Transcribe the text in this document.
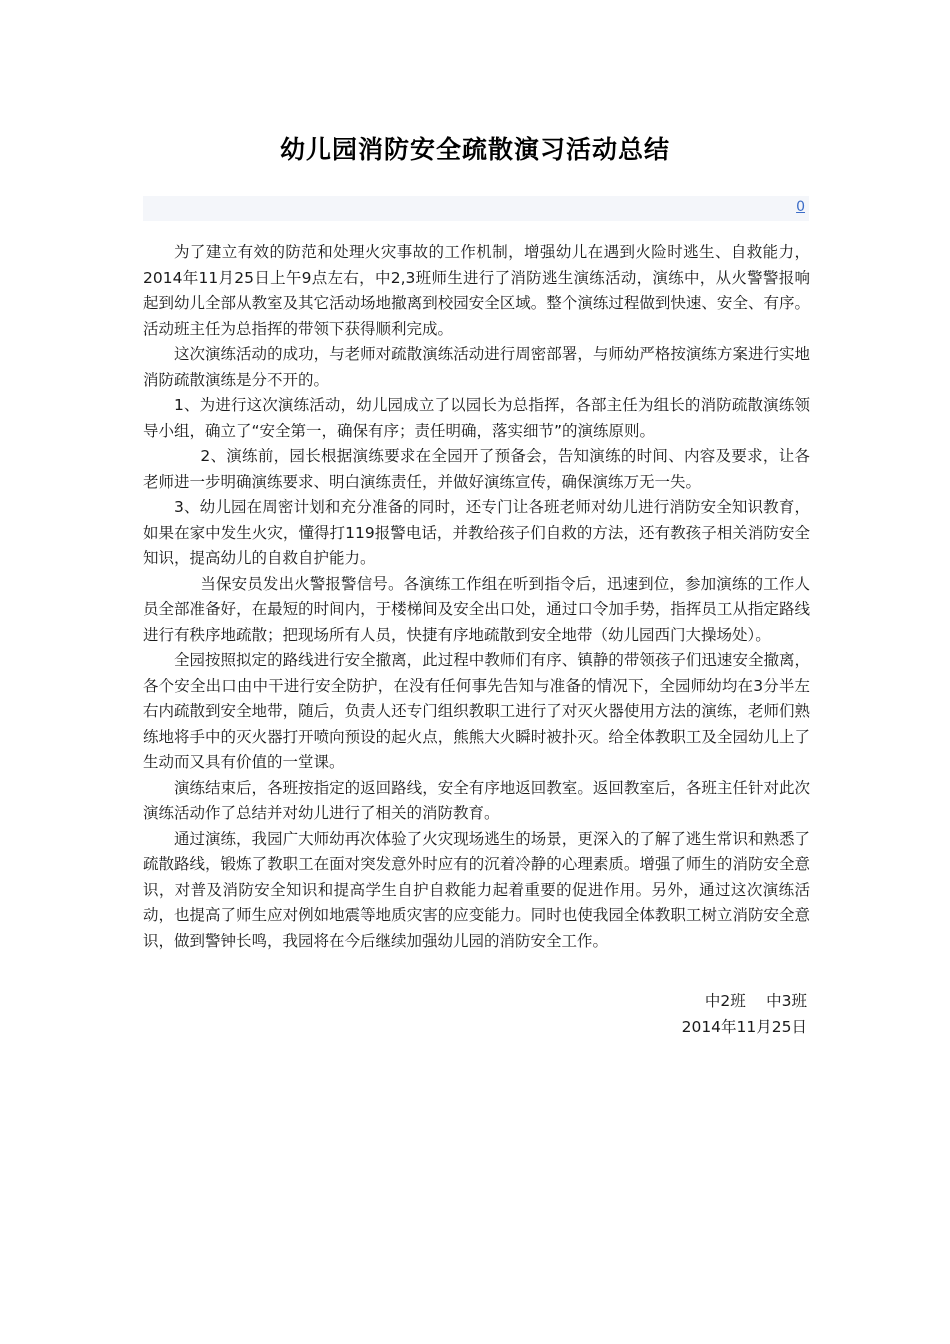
幼儿园消防安全疏散演习活动总结
0

为了建立有效的防范和处理火灾事故的工作机制，增强幼儿在遇到火险时逃生、自救能力，2014年11月25日上午9点左右，中2,3班师生进行了消防逃生演练活动，演练中，从火警警报响起到幼儿全部从教室及其它活动场地撤离到校园安全区域。整个演练过程做到快速、安全、有序。活动班主任为总指挥的带领下获得顺利完成。

这次演练活动的成功，与老师对疏散演练活动进行周密部署，与师幼严格按演练方案进行实地消防疏散演练是分不开的。

1、为进行这次演练活动，幼儿园成立了以园长为总指挥，各部主任为组长的消防疏散演练领导小组，确立了“安全第一，确保有序；责任明确，落实细节”的演练原则。

2、演练前，园长根据演练要求在全园开了预备会，告知演练的时间、内容及要求，让各老师进一步明确演练要求、明白演练责任，并做好演练宣传，确保演练万无一失。

3、幼儿园在周密计划和充分准备的同时，还专门让各班老师对幼儿进行消防安全知识教育，如果在家中发生火灾，懂得打119报警电话，并教给孩子们自救的方法，还有教孩子相关消防安全知识，提高幼儿的自救自护能力。

当保安员发出火警报警信号。各演练工作组在听到指令后，迅速到位，参加演练的工作人员全部准备好，在最短的时间内，于楼梯间及安全出口处，通过口令加手势，指挥员工从指定路线进行有秩序地疏散；把现场所有人员，快捷有序地疏散到安全地带（幼儿园西门大操场处）。

全园按照拟定的路线进行安全撤离，此过程中教师们有序、镇静的带领孩子们迅速安全撤离，各个安全出口由中干进行安全防护，在没有任何事先告知与准备的情况下，全园师幼均在3分半左右内疏散到安全地带，随后，负责人还专门组织教职工进行了对灭火器使用方法的演练，老师们熟练地将手中的灭火器打开喷向预设的起火点，熊熊大火瞬时被扑灭。给全体教职工及全园幼儿上了生动而又具有价值的一堂课。

演练结束后，各班按指定的返回路线，安全有序地返回教室。返回教室后，各班主任针对此次演练活动作了总结并对幼儿进行了相关的消防教育。

通过演练，我园广大师幼再次体验了火灾现场逃生的场景，更深入的了解了逃生常识和熟悉了疏散路线，锻炼了教职工在面对突发意外时应有的沉着冷静的心理素质。增强了师生的消防安全意识，对普及消防安全知识和提高学生自护自救能力起着重要的促进作用。另外，通过这次演练活动，也提高了师生应对例如地震等地质灾害的应变能力。同时也使我园全体教职工树立消防安全意识，做到警钟长鸣，我园将在今后继续加强幼儿园的消防安全工作。

中2班　 中3班
2014年11月25日
